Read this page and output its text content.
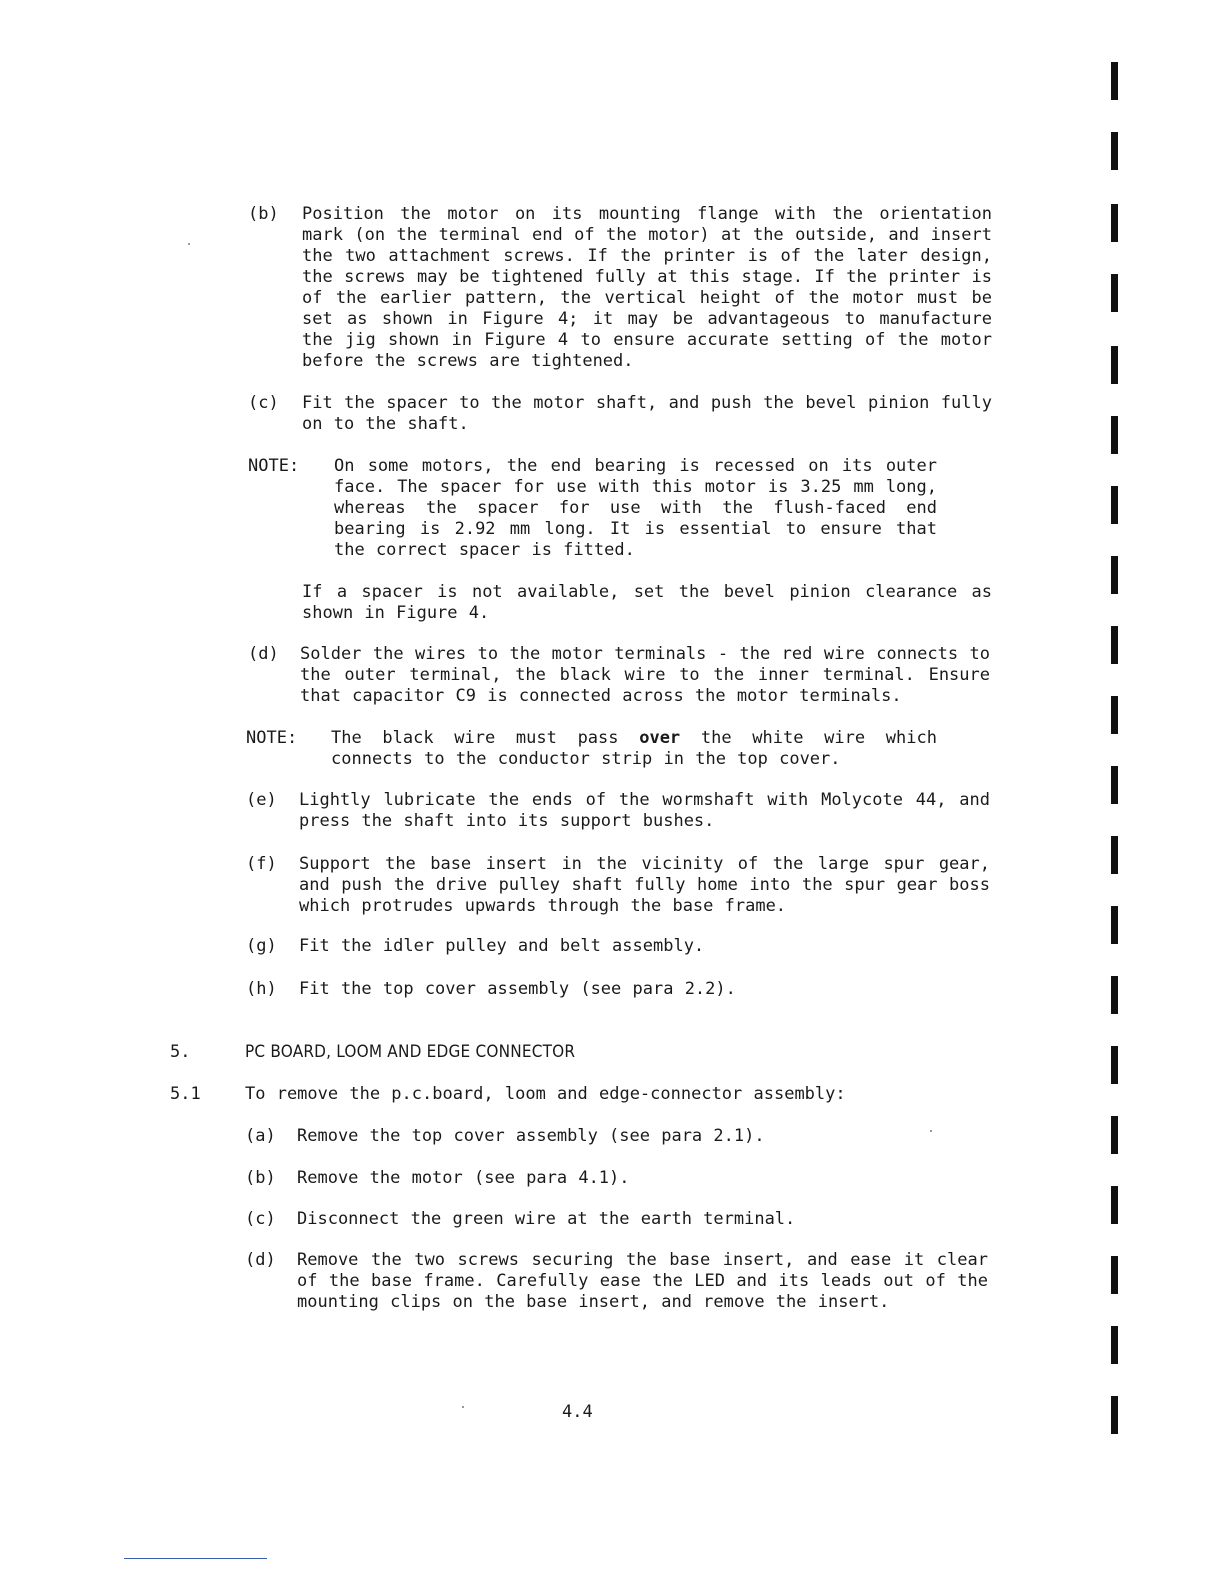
(b) Position the motor on its mounting flange with the orientation mark (on the terminal end of the motor) at the outside, and insert the two attachment screws. If the printer is of the later design, the screws may be tightened fully at this stage. If the printer is of the earlier pattern, the vertical height of the motor must be set as shown in Figure 4; it may be advantageous to manufacture the jig shown in Figure 4 to ensure accurate setting of the motor before the screws are tightened.
(c) Fit the spacer to the motor shaft, and push the bevel pinion fully on to the shaft.
NOTE: On some motors, the end bearing is recessed on its outer face. The spacer for use with this motor is 3.25 mm long, whereas the spacer for use with the flush-faced end bearing is 2.92 mm long. It is essential to ensure that the correct spacer is fitted.
If a spacer is not available, set the bevel pinion clearance as shown in Figure 4.
(d) Solder the wires to the motor terminals - the red wire connects to the outer terminal, the black wire to the inner terminal. Ensure that capacitor C9 is connected across the motor terminals.
NOTE: The black wire must pass over the white wire which connects to the conductor strip in the top cover.
(e) Lightly lubricate the ends of the wormshaft with Molycote 44, and press the shaft into its support bushes.
(f) Support the base insert in the vicinity of the large spur gear, and push the drive pulley shaft fully home into the spur gear boss which protrudes upwards through the base frame.
(g) Fit the idler pulley and belt assembly.
(h) Fit the top cover assembly (see para 2.2).
5.	PC BOARD, LOOM AND EDGE CONNECTOR
5.1	To remove the p.c.board, loom and edge-connector assembly:
(a) Remove the top cover assembly (see para 2.1).
(b) Remove the motor (see para 4.1).
(c) Disconnect the green wire at the earth terminal.
(d) Remove the two screws securing the base insert, and ease it clear of the base frame. Carefully ease the LED and its leads out of the mounting clips on the base insert, and remove the insert.
4.4
